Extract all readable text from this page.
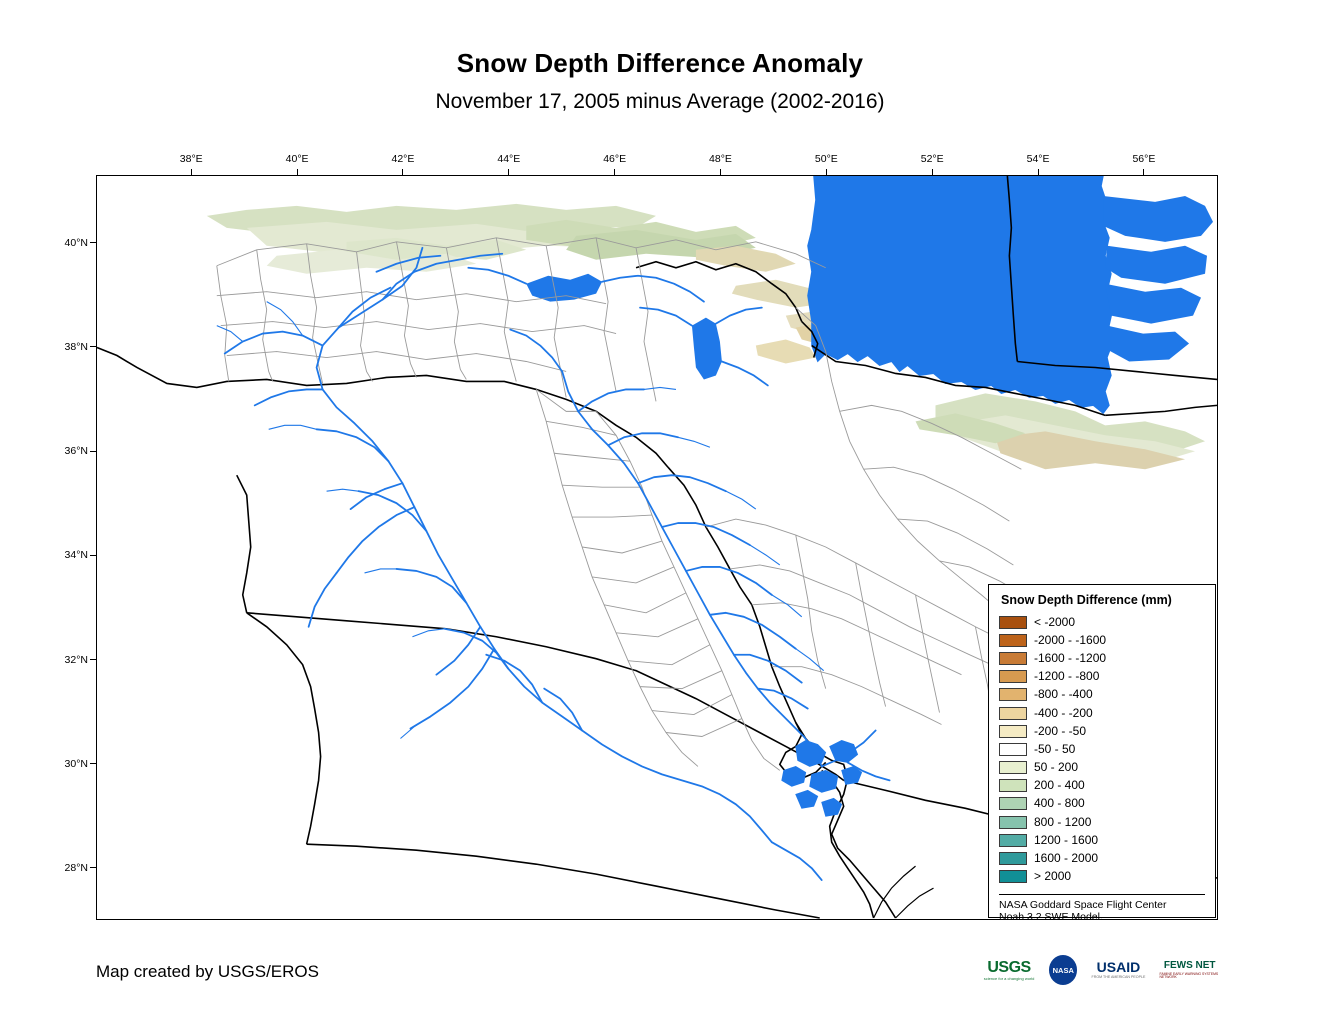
Snow Depth Difference Anomaly
November 17, 2005 minus Average (2002-2016)
38°E	40°E	42°E	44°E	46°E	48°E	50°E	52°E	54°E	56°E
40°N
38°N
36°N
34°N
32°N
30°N
28°N
Snow Depth Difference (mm)
< -2000
-2000 - -1600
-1600 - -1200
-1200 - -800
-800 - -400
-400 - -200
-200 - -50
-50 - 50
50 - 200
200 - 400
400 - 800
800 - 1200
1200 - 1600
1600 - 2000
> 2000
NASA Goddard Space Flight Center
Noah 3.2 SWE Model.
Map created by USGS/EROS	USGS
science for a changing world
NASA USAID
FROM THE AMERICAN PEOPLE
FEWS NET
FAMINE EARLY WARNING SYSTEMS NETWORK
